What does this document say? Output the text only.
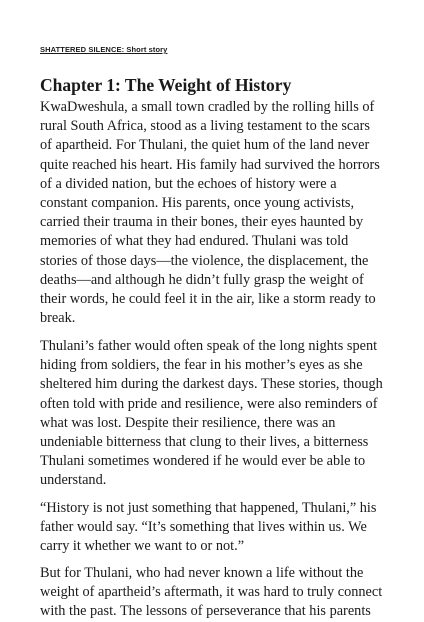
SHATTERED SILENCE: Short story
Chapter 1: The Weight of History

KwaDweshula, a small town cradled by the rolling hills of
rural South Africa, stood as a living testament to the scars
of apartheid. For Thulani, the quiet hum of the land never
quite reached his heart. His family had survived the horrors
of a divided nation, but the echoes of history were a
constant companion. His parents, once young activists,
carried their trauma in their bones, their eyes haunted by
memories of what they had endured. Thulani was told
stories of those days—the violence, the displacement, the
deaths—and although he didn’t fully grasp the weight of
their words, he could feel it in the air, like a storm ready to
break.

Thulani’s father would often speak of the long nights spent
hiding from soldiers, the fear in his mother’s eyes as she
sheltered him during the darkest days. These stories, though
often told with pride and resilience, were also reminders of
what was lost. Despite their resilience, there was an
undeniable bitterness that clung to their lives, a bitterness
Thulani sometimes wondered if he would ever be able to
understand.

“History is not just something that happened, Thulani,” his
father would say. “It’s something that lives within us. We
carry it whether we want to or not.”

But for Thulani, who had never known a life without the
weight of apartheid’s aftermath, it was hard to truly connect
with the past. The lessons of perseverance that his parents
